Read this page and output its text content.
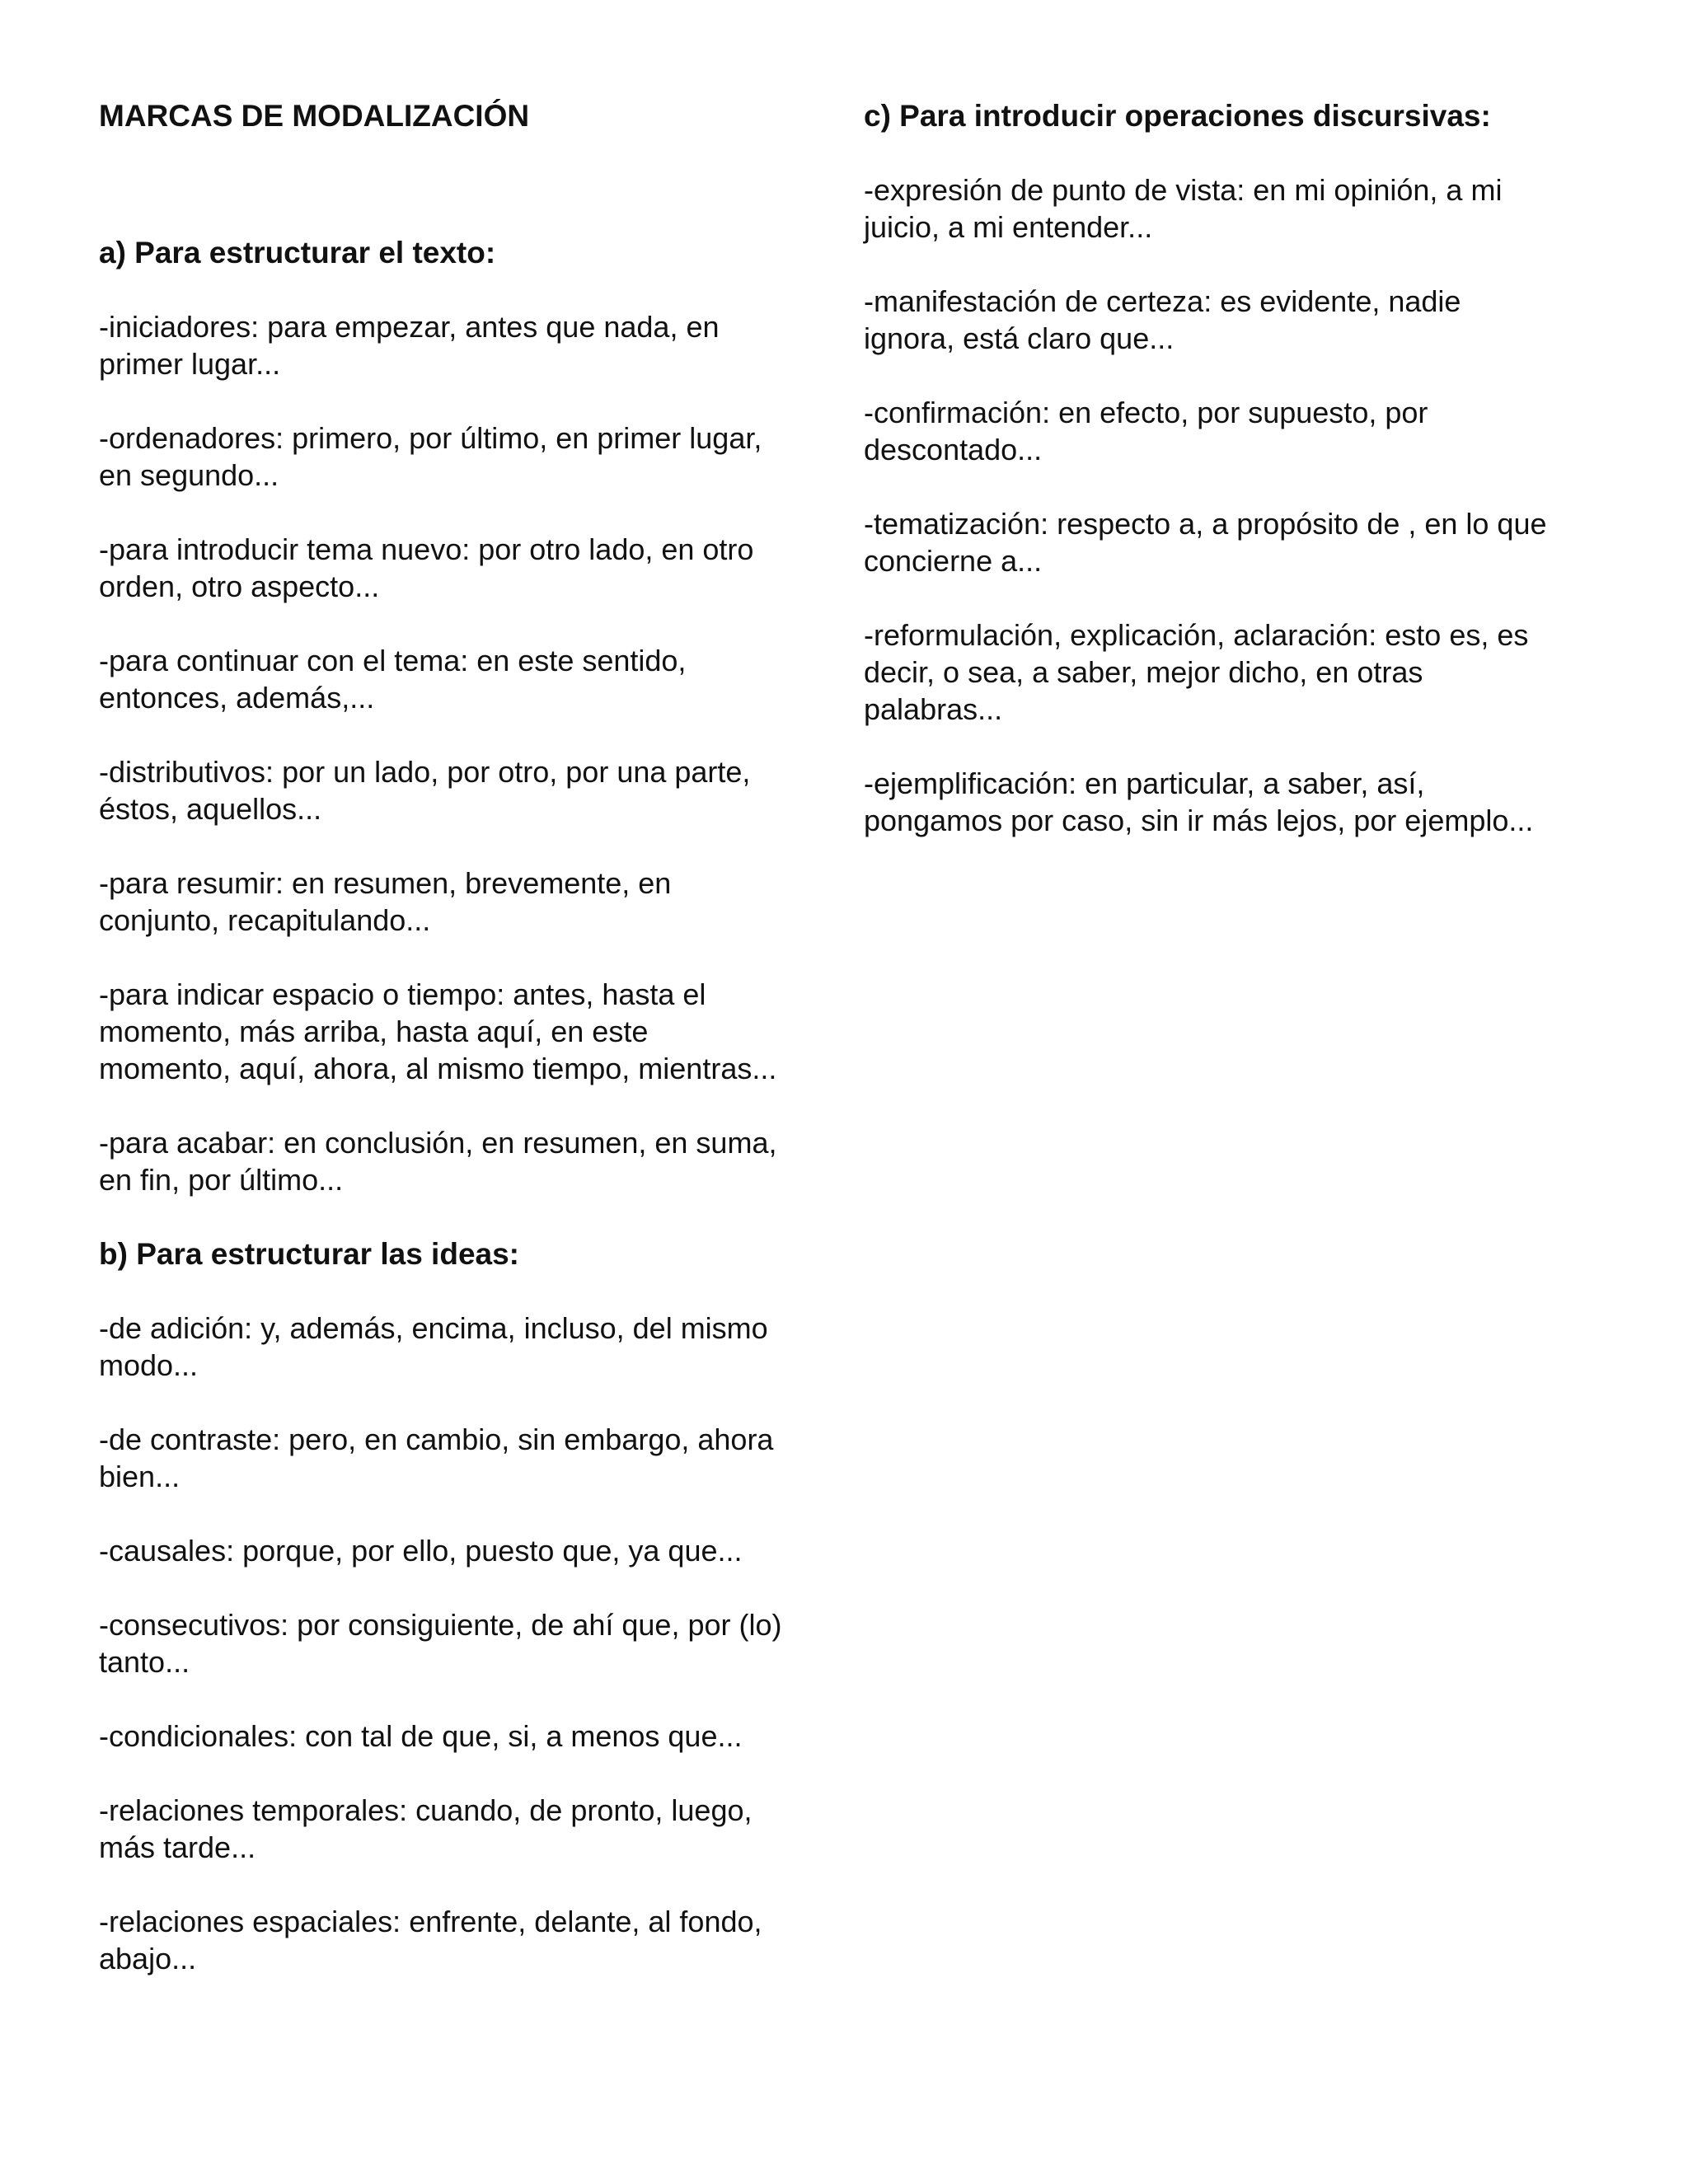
MARCAS DE MODALIZACIÓN
a) Para estructurar el texto:

-iniciadores: para empezar, antes que nada, en primer lugar...

-ordenadores: primero, por último, en primer lugar, en segundo...

-para introducir tema nuevo: por otro lado, en otro orden, otro aspecto...

-para continuar con el tema: en este sentido, entonces, además,...

-distributivos: por un lado, por otro, por una parte, éstos, aquellos...

-para resumir: en resumen, brevemente, en conjunto, recapitulando...

-para indicar espacio o tiempo: antes, hasta el momento, más arriba, hasta aquí, en este momento, aquí, ahora, al mismo tiempo, mientras...

-para acabar: en conclusión, en resumen, en suma, en fin, por último...

b) Para estructurar las ideas:

-de adición: y, además, encima, incluso, del mismo modo...

-de contraste: pero, en cambio, sin embargo, ahora bien...

-causales: porque, por ello, puesto que, ya que...

-consecutivos: por consiguiente, de ahí que, por (lo) tanto...

-condicionales: con tal de que, si, a menos que...

-relaciones temporales: cuando, de pronto, luego, más tarde...

-relaciones espaciales: enfrente, delante, al fondo, abajo...

c) Para introducir operaciones discursivas:

-expresión de punto de vista: en mi opinión, a mi juicio, a mi entender...

-manifestación de certeza: es evidente, nadie ignora, está claro que...

-confirmación: en efecto, por supuesto, por descontado...

-tematización: respecto a, a propósito de , en lo que concierne a...

-reformulación, explicación, aclaración: esto es, es decir, o sea, a saber, mejor dicho, en otras palabras...

-ejemplificación: en particular, a saber, así, pongamos por caso, sin ir más lejos, por ejemplo...
